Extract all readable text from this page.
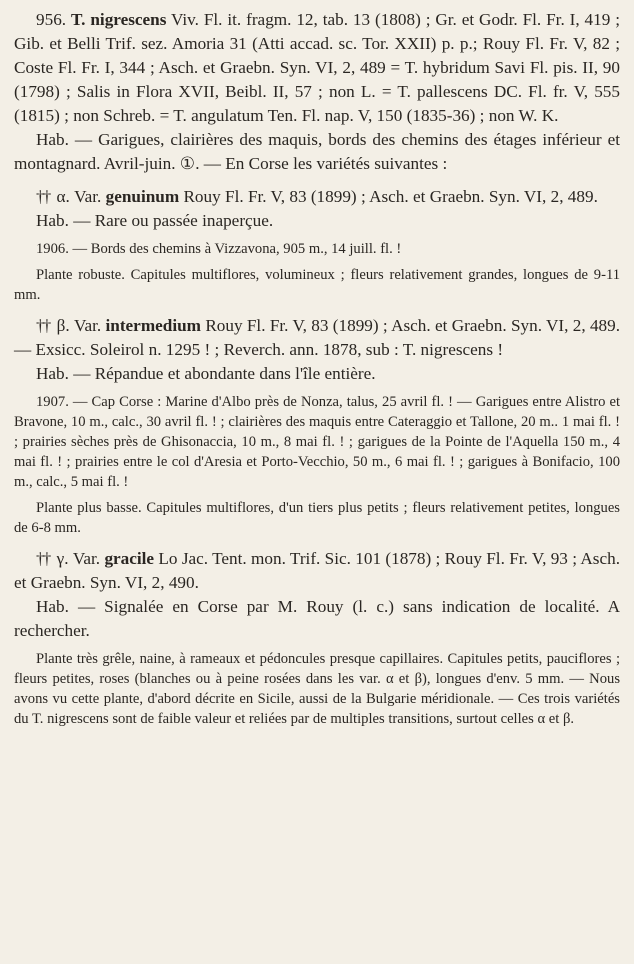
956. T. nigrescens Viv. Fl. it. fragm. 12, tab. 13 (1808) ; Gr. et Godr. Fl. Fr. I, 419 ; Gib. et Belli Trif. sez. Amoria 31 (Atti accad. sc. Tor. XXII) p. p.; Rouy Fl. Fr. V, 82 ; Coste Fl. Fr. I, 344 ; Asch. et Graebn. Syn. VI, 2, 489 = T. hybridum Savi Fl. pis. II, 90 (1798) ; Salis in Flora XVII, Beibl. II, 57 ; non L. = T. pallescens DC. Fl. fr. V, 555 (1815) ; non Schreb. = T. angulatum Ten. Fl. nap. V, 150 (1835-36) ; non W. K.

Hab. — Garigues, clairières des maquis, bords des chemins des étages inférieur et montagnard. Avril-juin. ①. — En Corse les variétés suivantes :

†† α. Var. genuinum Rouy Fl. Fr. V, 83 (1899) ; Asch. et Graebn. Syn. VI, 2, 489.

Hab. — Rare ou passée inaperçue.

1906. — Bords des chemins à Vizzavona, 905 m., 14 juill. fl. !

Plante robuste. Capitules multiflores, volumineux ; fleurs relativement grandes, longues de 9-11 mm.

†† β. Var. intermedium Rouy Fl. Fr. V, 83 (1899) ; Asch. et Graebn. Syn. VI, 2, 489. — Exsicc. Soleirol n. 1295 ! ; Reverch. ann. 1878, sub : T. nigrescens !

Hab. — Répandue et abondante dans l'île entière.

1907. — Cap Corse : Marine d'Albo près de Nonza, talus, 25 avril fl. ! — Garigues entre Alistro et Bravone, 10 m., calc., 30 avril fl. ! ; clairières des maquis entre Cateraggio et Tallone, 20 m.. 1 mai fl. ! ; prairies sèches près de Ghisonaccia, 10 m., 8 mai fl. ! ; garigues de la Pointe de l'Aquella 150 m., 4 mai fl. ! ; prairies entre le col d'Aresia et Porto-Vecchio, 50 m., 6 mai fl. ! ; garigues à Bonifacio, 100 m., calc., 5 mai fl. !

Plante plus basse. Capitules multiflores, d'un tiers plus petits ; fleurs relativement petites, longues de 6-8 mm.

†† γ. Var. gracile Lo Jac. Tent. mon. Trif. Sic. 101 (1878) ; Rouy Fl. Fr. V, 93 ; Asch. et Graebn. Syn. VI, 2, 490.

Hab. — Signalée en Corse par M. Rouy (l. c.) sans indication de localité. A rechercher.

Plante très grêle, naine, à rameaux et pédoncules presque capillaires. Capitules petits, pauciflores ; fleurs petites, roses (blanches ou à peine rosées dans les var. α et β), longues d'env. 5 mm. — Nous avons vu cette plante, d'abord décrite en Sicile, aussi de la Bulgarie méridionale. — Ces trois variétés du T. nigrescens sont de faible valeur et reliées par de multiples transitions, surtout celles α et β.
